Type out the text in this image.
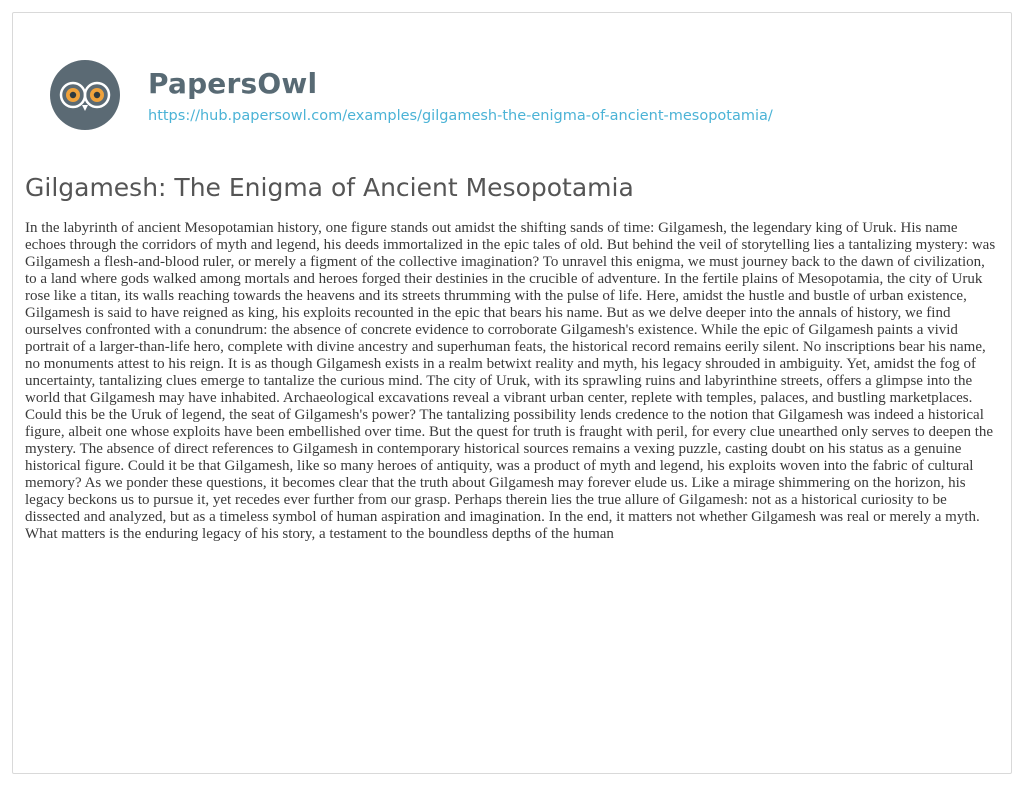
PapersOwl
https://hub.papersowl.com/examples/gilgamesh-the-enigma-of-ancient-mesopotamia/
Gilgamesh: The Enigma of Ancient Mesopotamia

In the labyrinth of ancient Mesopotamian history, one figure stands out amidst the shifting sands of time: Gilgamesh, the legendary king of Uruk. His name echoes through the corridors of myth and legend, his deeds immortalized in the epic tales of old. But behind the veil of storytelling lies a tantalizing mystery: was Gilgamesh a flesh-and-blood ruler, or merely a figment of the collective imagination? To unravel this enigma, we must journey back to the dawn of civilization, to a land where gods walked among mortals and heroes forged their destinies in the crucible of adventure. In the fertile plains of Mesopotamia, the city of Uruk rose like a titan, its walls reaching towards the heavens and its streets thrumming with the pulse of life. Here, amidst the hustle and bustle of urban existence, Gilgamesh is said to have reigned as king, his exploits recounted in the epic that bears his name. But as we delve deeper into the annals of history, we find ourselves confronted with a conundrum: the absence of concrete evidence to corroborate Gilgamesh's existence. While the epic of Gilgamesh paints a vivid portrait of a larger-than-life hero, complete with divine ancestry and superhuman feats, the historical record remains eerily silent. No inscriptions bear his name, no monuments attest to his reign. It is as though Gilgamesh exists in a realm betwixt reality and myth, his legacy shrouded in ambiguity. Yet, amidst the fog of uncertainty, tantalizing clues emerge to tantalize the curious mind. The city of Uruk, with its sprawling ruins and labyrinthine streets, offers a glimpse into the world that Gilgamesh may have inhabited. Archaeological excavations reveal a vibrant urban center, replete with temples, palaces, and bustling marketplaces. Could this be the Uruk of legend, the seat of Gilgamesh's power? The tantalizing possibility lends credence to the notion that Gilgamesh was indeed a historical figure, albeit one whose exploits have been embellished over time. But the quest for truth is fraught with peril, for every clue unearthed only serves to deepen the mystery. The absence of direct references to Gilgamesh in contemporary historical sources remains a vexing puzzle, casting doubt on his status as a genuine historical figure. Could it be that Gilgamesh, like so many heroes of antiquity, was a product of myth and legend, his exploits woven into the fabric of cultural memory? As we ponder these questions, it becomes clear that the truth about Gilgamesh may forever elude us. Like a mirage shimmering on the horizon, his legacy beckons us to pursue it, yet recedes ever further from our grasp. Perhaps therein lies the true allure of Gilgamesh: not as a historical curiosity to be dissected and analyzed, but as a timeless symbol of human aspiration and imagination. In the end, it matters not whether Gilgamesh was real or merely a myth. What matters is the enduring legacy of his story, a testament to the boundless depths of the human
